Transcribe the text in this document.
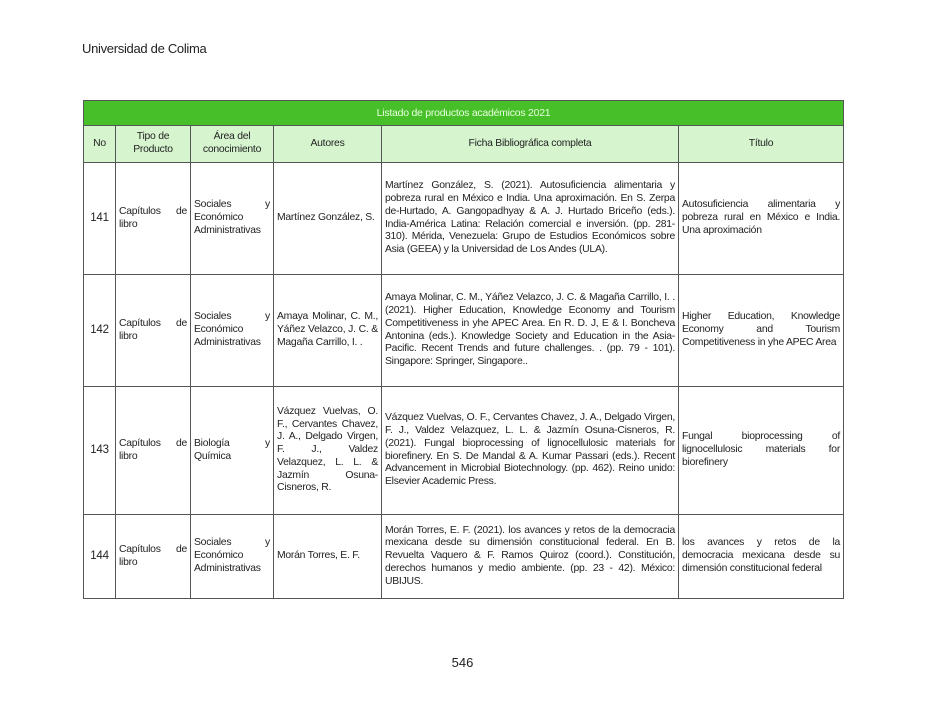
Universidad de Colima
Listado de productos académicos 2021					
No	Tipo de Producto	Área del conocimiento	Autores	Ficha Bibliográfica completa	Título
141	Capítulos de libro	Sociales y Económico Administrativas	Martínez González, S.	Martínez González, S. (2021). Autosuficiencia alimentaria y pobreza rural en México e India. Una aproximación. En S. Zerpa de-Hurtado, A. Gangopadhyay & A. J. Hurtado Briceño (eds.). India-América Latina: Relación comercial e inversión. (pp. 281-310). Mérida, Venezuela: Grupo de Estudios Económicos sobre Asia (GEEA) y la Universidad de Los Andes (ULA).	Autosuficiencia alimentaria y pobreza rural en México e India. Una aproximación
142	Capítulos de libro	Sociales y Económico Administrativas	Amaya Molinar, C. M., Yáñez Velazco, J. C. & Magaña Carrillo, I. .	Amaya Molinar, C. M., Yáñez Velazco, J. C. & Magaña Carrillo, I. . (2021). Higher Education, Knowledge Economy and Tourism Competitiveness in yhe APEC Area. En R. D. J, E & I. Boncheva Antonina (eds.). Knowledge Society and Education in the Asia-Pacific. Recent Trends and future challenges. . (pp. 79 - 101). Singapore: Springer, Singapore..	Higher Education, Knowledge Economy and Tourism Competitiveness in yhe APEC Area
143	Capítulos de libro	Biología y Química	Vázquez Vuelvas, O. F., Cervantes Chavez, J. A., Delgado Virgen, F. J., Valdez Velazquez, L. L. & Jazmín Osuna-Cisneros, R.	Vázquez Vuelvas, O. F., Cervantes Chavez, J. A., Delgado Virgen, F. J., Valdez Velazquez, L. L. & Jazmín Osuna-Cisneros, R. (2021). Fungal bioprocessing of lignocellulosic materials for biorefinery. En S. De Mandal & A. Kumar Passari (eds.). Recent Advancement in Microbial Biotechnology. (pp. 462). Reino unido: Elsevier Academic Press.	Fungal bioprocessing of lignocellulosic materials for biorefinery
144	Capítulos de libro	Sociales y Económico Administrativas	Morán Torres, E. F.	Morán Torres, E. F. (2021). los avances y retos de la democracia mexicana desde su dimensión constitucional federal. En B. Revuelta Vaquero & F. Ramos Quiroz (coord.). Constitución, derechos humanos y medio ambiente. (pp. 23 - 42). México: UBIJUS.	los avances y retos de la democracia mexicana desde su dimensión constitucional federal
546
